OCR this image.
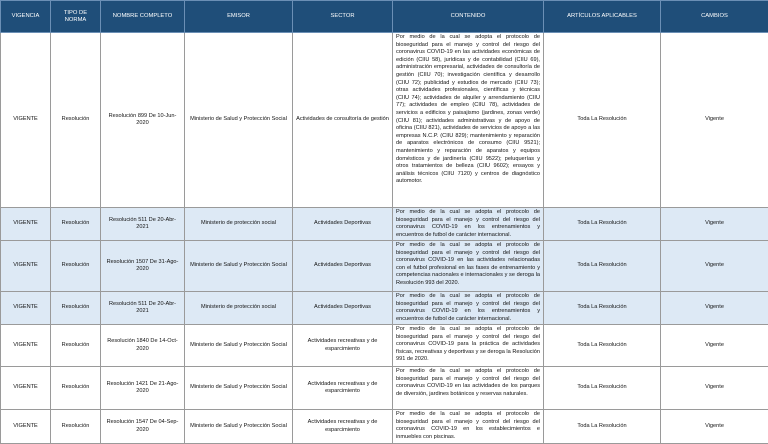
VIGENCIA	TIPO DE NORMA	NOMBRE COMPLETO	EMISOR	SECTOR	CONTENIDO	ARTÍCULOS APLICABLES	CAMBIOS
VIGENTE	Resolución	Resolución 899 De 10-Jun-2020	Ministerio de Salud y Protección Social	Actividades de consultoría de gestión	Por medio de la cual se adopta el protocolo de bioseguridad para el manejo y control del riesgo del coronavirus COVID-19 en las actividades económicas de edición (CIIU 58), jurídicas y de contabilidad (CIIU 69), administración empresarial, actividades de consultoría de gestión (CIIU 70); investigación científica y desarrollo (CIIU 72); publicidad y estudios de mercado (CIIU 73); otras actividades profesionales, científicas y técnicas (CIIU 74); actividades de alquiler y arrendamiento (CIIU 77); actividades de empleo (CIIU 78), actividades de servicios a edificios y paisajismo (jardines, zonas verde) (CIIU 81); actividades administrativas y de apoyo de oficina (CIIU 821), actividades de servicios de apoyo a las empresas N.C.P. (CIIU 829); mantenimiento y reparación de aparatos electrónicos de consumo (CIIU 9521); mantenimiento y reparación de aparatos y equipos domésticos y de jardinería (CIIU 9522); peluquerías y otros tratamientos de belleza (CIIU 9602); ensayos y análisis técnicos (CIIU 7120) y centros de diagnóstico automotor.	Toda La Resolución	Vigente
VIGENTE	Resolución	Resolución 511 De 20-Abr-2021	Ministerio de protección social	Actividades Deportivas	Por medio de la cual se adopta el protocolo de bioseguridad para el manejo y control del riesgo del coronavirus COVID-19 en los entrenamientos y encuentros de futbol de carácter internacional.	Toda La Resolución	Vigente
VIGENTE	Resolución	Resolución 1507 De 31-Ago-2020	Ministerio de Salud y Protección Social	Actividades Deportivas	Por medio de la cual se adopta el protocolo de bioseguridad para el manejo y control del riesgo del coronavirus COVID-19 en las actividades relacionadas con el futbol profesional en las fases de entrenamiento y competencias nacionales e internacionales y se deroga la Resolución 993 del 2020.	Toda La Resolución	Vigente
VIGENTE	Resolución	Resolución 511 De 20-Abr-2021	Ministerio de protección social	Actividades Deportivas	Por medio de la cual se adopta el protocolo de bioseguridad para el manejo y control del riesgo del coronavirus COVID-19 en los entrenamientos y encuentros de futbol de carácter internacional.	Toda La Resolución	Vigente
VIGENTE	Resolución	Resolución 1840 De 14-Oct-2020	Ministerio de Salud y Protección Social	Actividades recreativas y de esparcimiento	Por medio de la cual se adopta el protocolo de bioseguridad para el manejo y control del riesgo del coronavirus COVID-19 para la práctica de actividades físicas, recreativas y deportivas y se deroga la Resolución 991 de 2020.	Toda La Resolución	Vigente
VIGENTE	Resolución	Resolución 1421 De 21-Ago-2020	Ministerio de Salud y Protección Social	Actividades recreativas y de esparcimiento	Por medio de la cual se adopta el protocolo de bioseguridad para el manejo y control del riesgo del coronavirus COVID-19 en las actividades de los parques de diversión, jardines botánicos y reservas naturales.	Toda La Resolución	Vigente
VIGENTE	Resolución	Resolución 1547 De 04-Sep-2020	Ministerio de Salud y Protección Social	Actividades recreativas y de esparcimiento	Por medio de la cual se adopta el protocolo de bioseguridad para el manejo y control del riesgo del coronavirus COVID-19 en los establecimientos e inmuebles con piscinas.	Toda La Resolución	Vigente
